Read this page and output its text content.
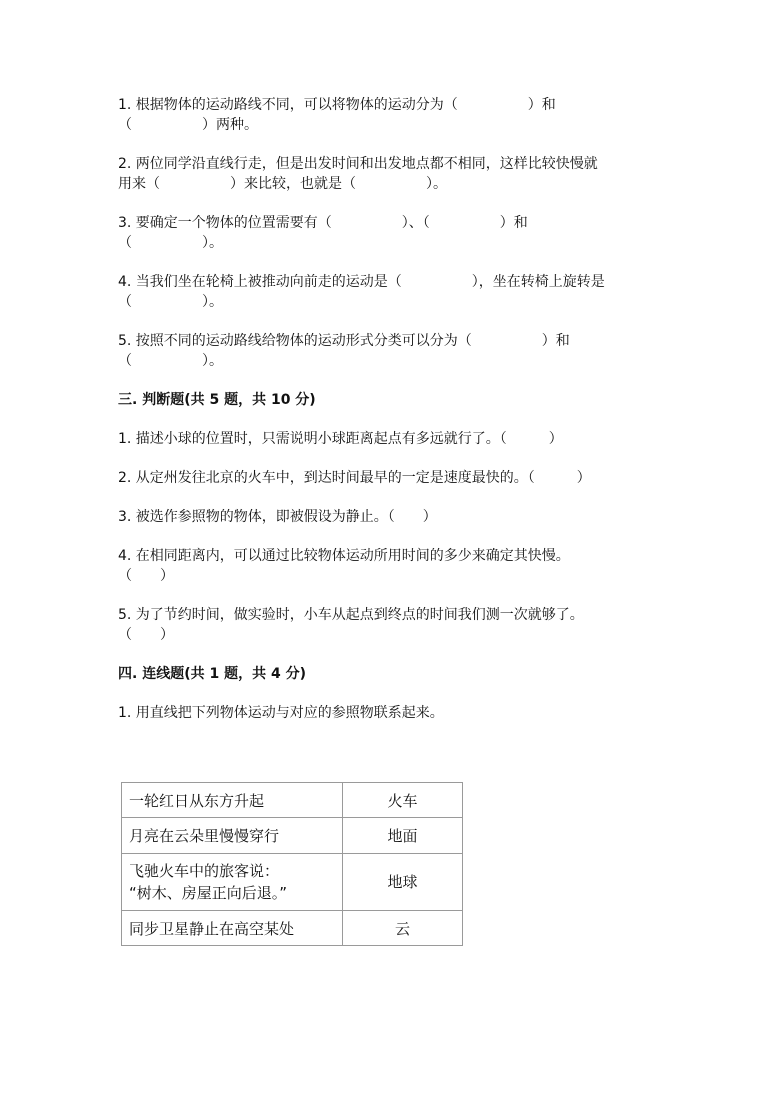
1. 根据物体的运动路线不同，可以将物体的运动分为（　　　　　）和
（　　　　　）两种。
2. 两位同学沿直线行走，但是出发时间和出发地点都不相同，这样比较快慢就
用来（　　　　　）来比较，也就是（　　　　　）。
3. 要确定一个物体的位置需要有（　　　　　）、（　　　　　）和
（　　　　　）。
4. 当我们坐在轮椅上被推动向前走的运动是（　　　　　），坐在转椅上旋转是
（　　　　　）。
5. 按照不同的运动路线给物体的运动形式分类可以分为（　　　　　）和
（　　　　　）。
三. 判断题(共 5 题，共 10 分)
1. 描述小球的位置时，只需说明小球距离起点有多远就行了。（　　　）
2. 从定州发往北京的火车中，到达时间最早的一定是速度最快的。（　　　）
3. 被选作参照物的物体，即被假设为静止。（　　）
4. 在相同距离内，可以通过比较物体运动所用时间的多少来确定其快慢。
（　　）
5. 为了节约时间，做实验时，小车从起点到终点的时间我们测一次就够了。
（　　）
四. 连线题(共 1 题，共 4 分)
1. 用直线把下列物体运动与对应的参照物联系起来。
一轮红日从东方升起	火车

月亮在云朵里慢慢穿行	地面

飞驰火车中的旅客说：
“树木、房屋正向后退。”	地球

同步卫星静止在高空某处	云
